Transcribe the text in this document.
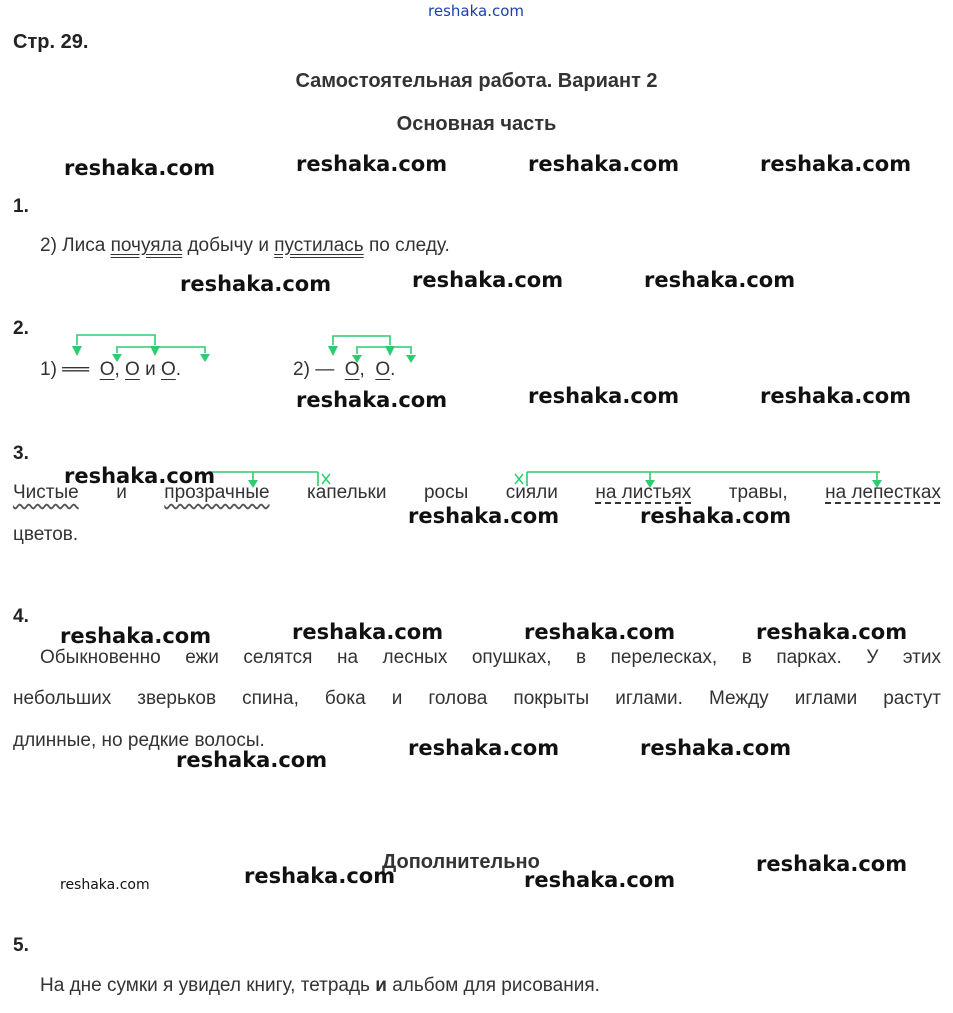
reshaka.com
Стр. 29.
Самостоятельная работа. Вариант 2
Основная часть
reshaka.com	reshaka.com	reshaka.com	reshaka.com
1.
2) Лиса почуяла добычу и пустилась по следу.
reshaka.com	reshaka.com	reshaka.com
2.
1) ══ О, О и О.	2) — О, О.
reshaka.com	reshaka.com	reshaka.com
3.
reshaka.com
Чистые и прозрачные капельки росы сияли на листьях травы, на лепестках
цветов.
reshaka.com	reshaka.com
4.
reshaka.com	reshaka.com	reshaka.com	reshaka.com
Обыкновенно ежи селятся на лесных опушках, в перелесках, в парках. У этих
небольших зверьков спина, бока и голова покрыты иглами. Между иглами растут
длинные, но редкие волосы.
reshaka.com	reshaka.com	reshaka.com
Дополнительно
reshaka.com	reshaka.com	reshaka.com
reshaka.com
5.
На дне сумки я увидел книгу, тетрадь и альбом для рисования.
